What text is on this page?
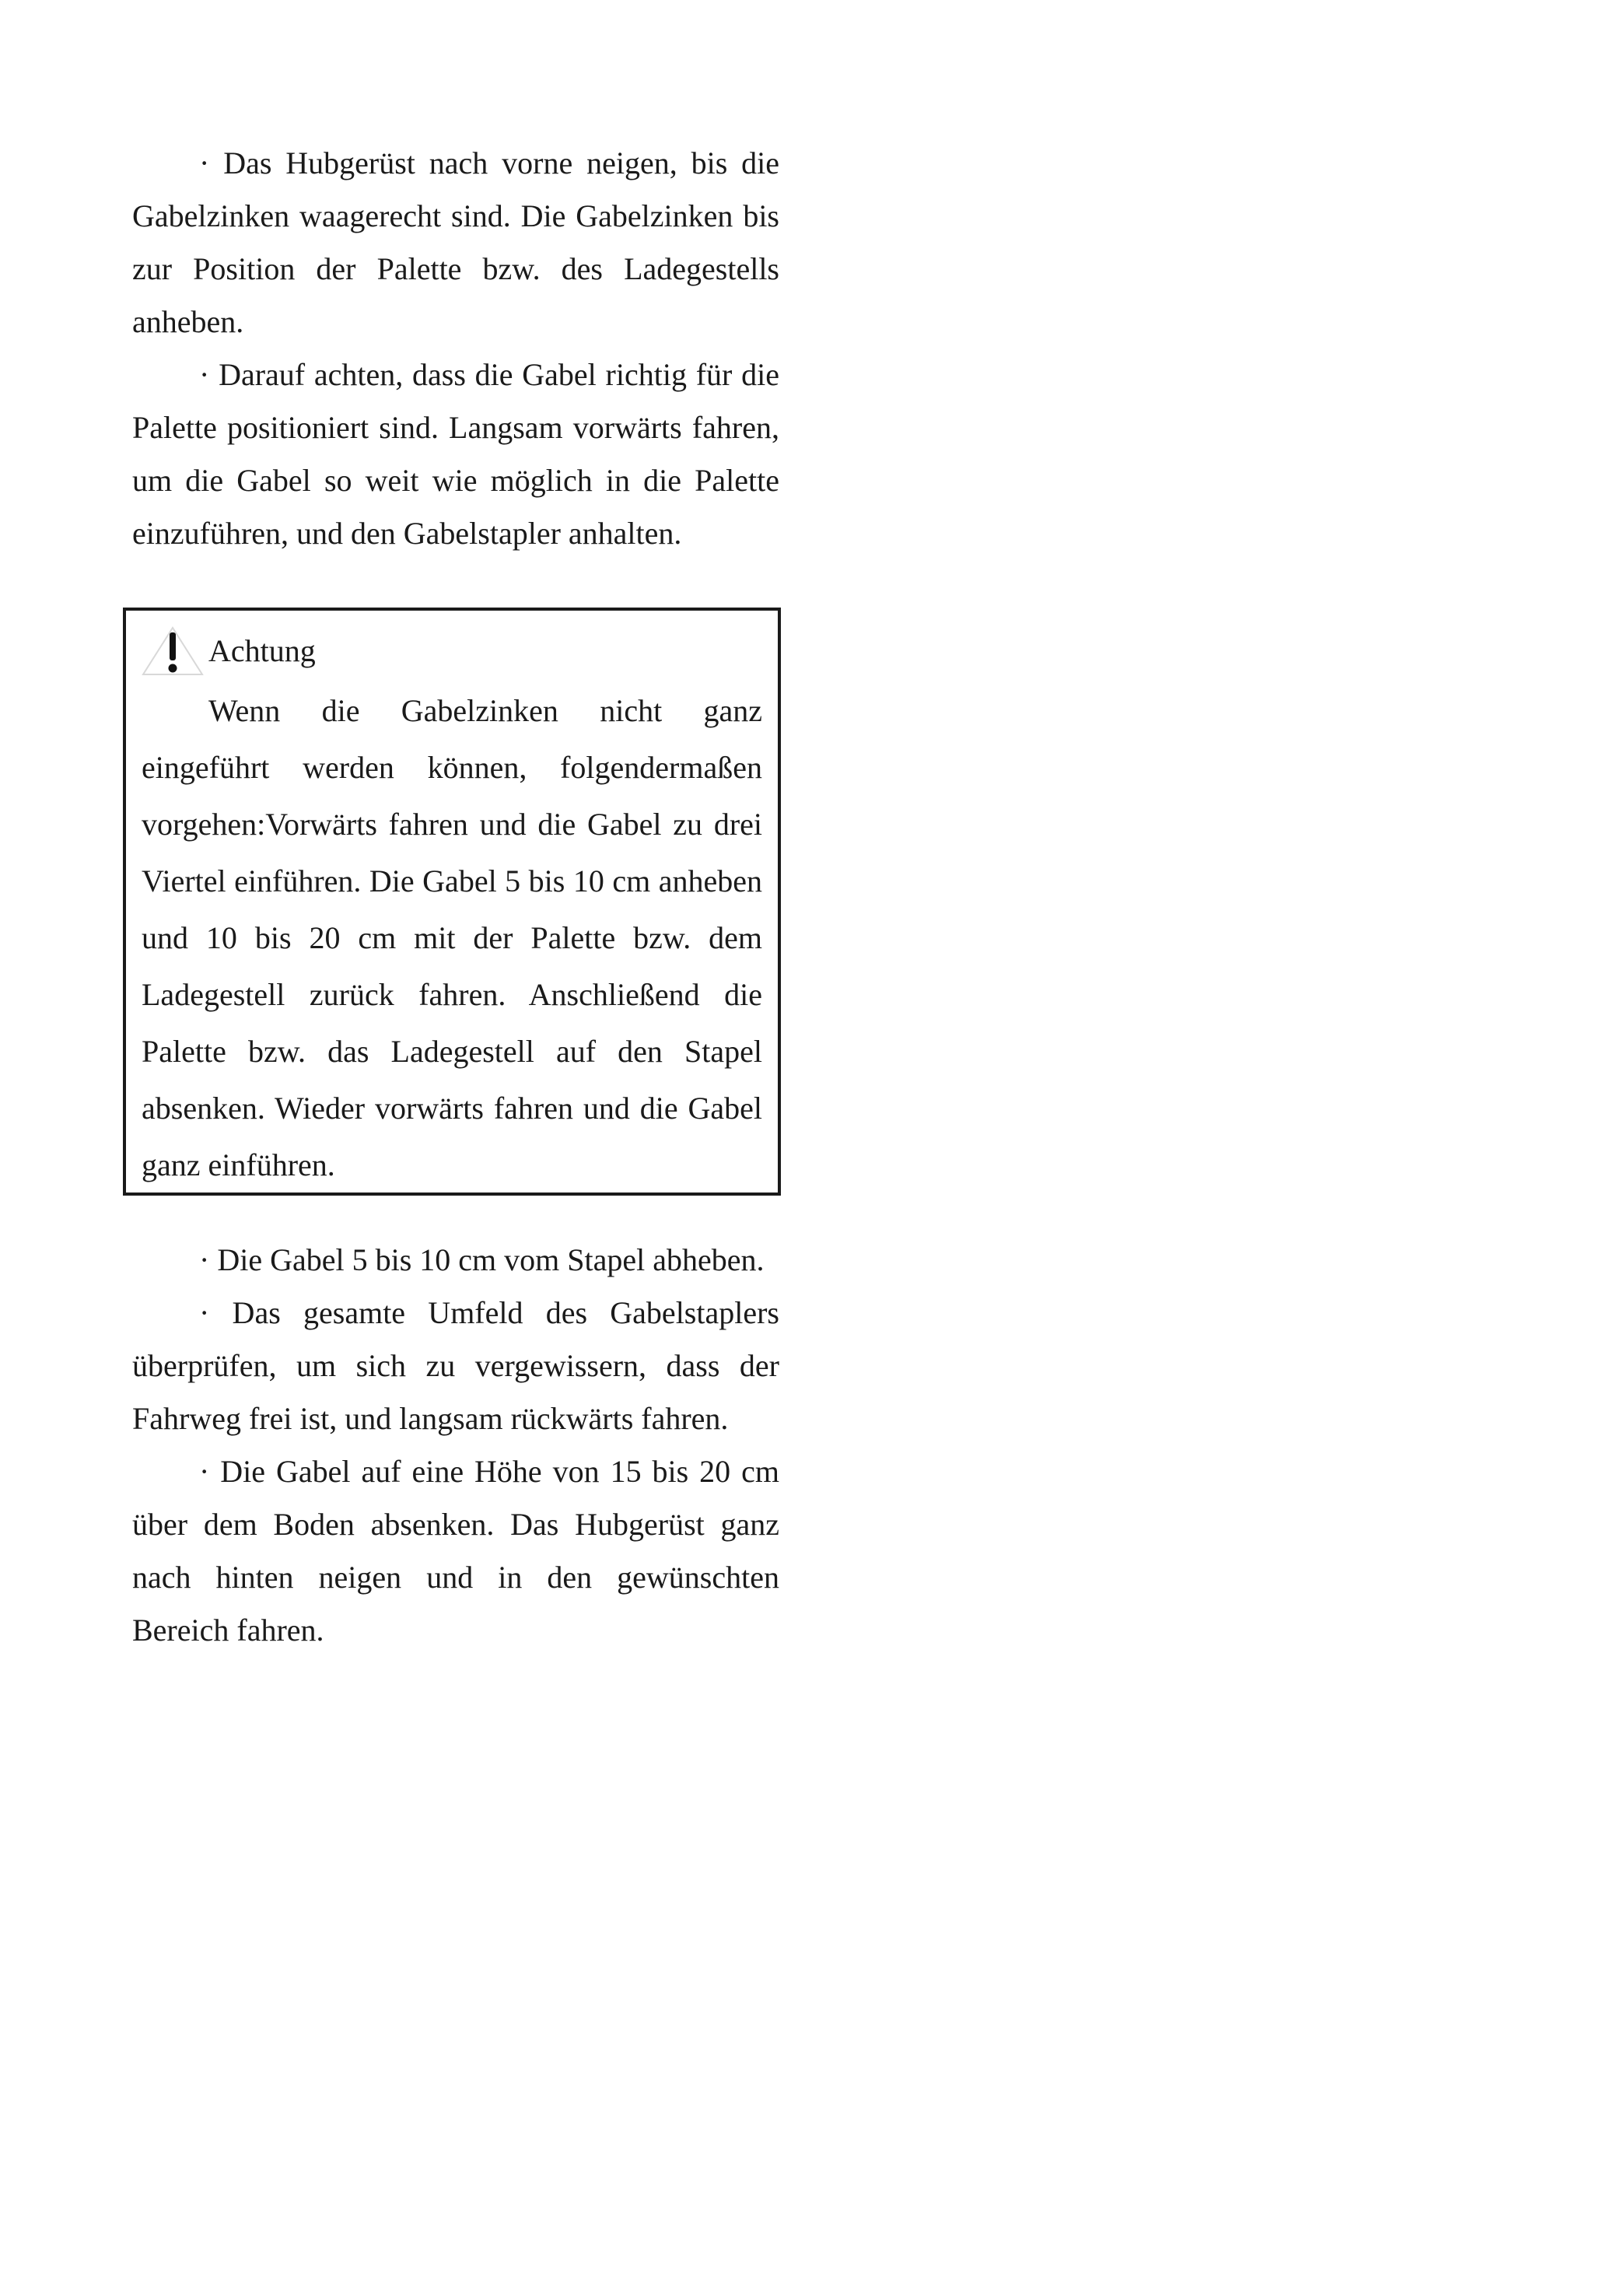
· Das Hubgerüst nach vorne neigen, bis die Gabelzinken waagerecht sind. Die Gabelzinken bis zur Position der Palette bzw. des Ladegestells anheben.

· Darauf achten, dass die Gabel richtig für die Palette positioniert sind. Langsam vorwärts fahren, um die Gabel so weit wie möglich in die Palette einzuführen, und den Gabelstapler anhalten.

Achtung

Wenn die Gabelzinken nicht ganz eingeführt werden können, folgendermaßen vorgehen:Vorwärts fahren und die Gabel zu drei Viertel einführen. Die Gabel 5 bis 10 cm anheben und 10 bis 20 cm mit der Palette bzw. dem Ladegestell zurück fahren. Anschließend die Palette bzw. das Ladegestell auf den Stapel absenken. Wieder vorwärts fahren und die Gabel ganz einführen.

· Die Gabel 5 bis 10 cm vom Stapel abheben.

· Das gesamte Umfeld des Gabelstaplers überprüfen, um sich zu vergewissern, dass der Fahrweg frei ist, und langsam rückwärts fahren.

· Die Gabel auf eine Höhe von 15 bis 20 cm über dem Boden absenken. Das Hubgerüst ganz nach hinten neigen und in den gewünschten Bereich fahren.
